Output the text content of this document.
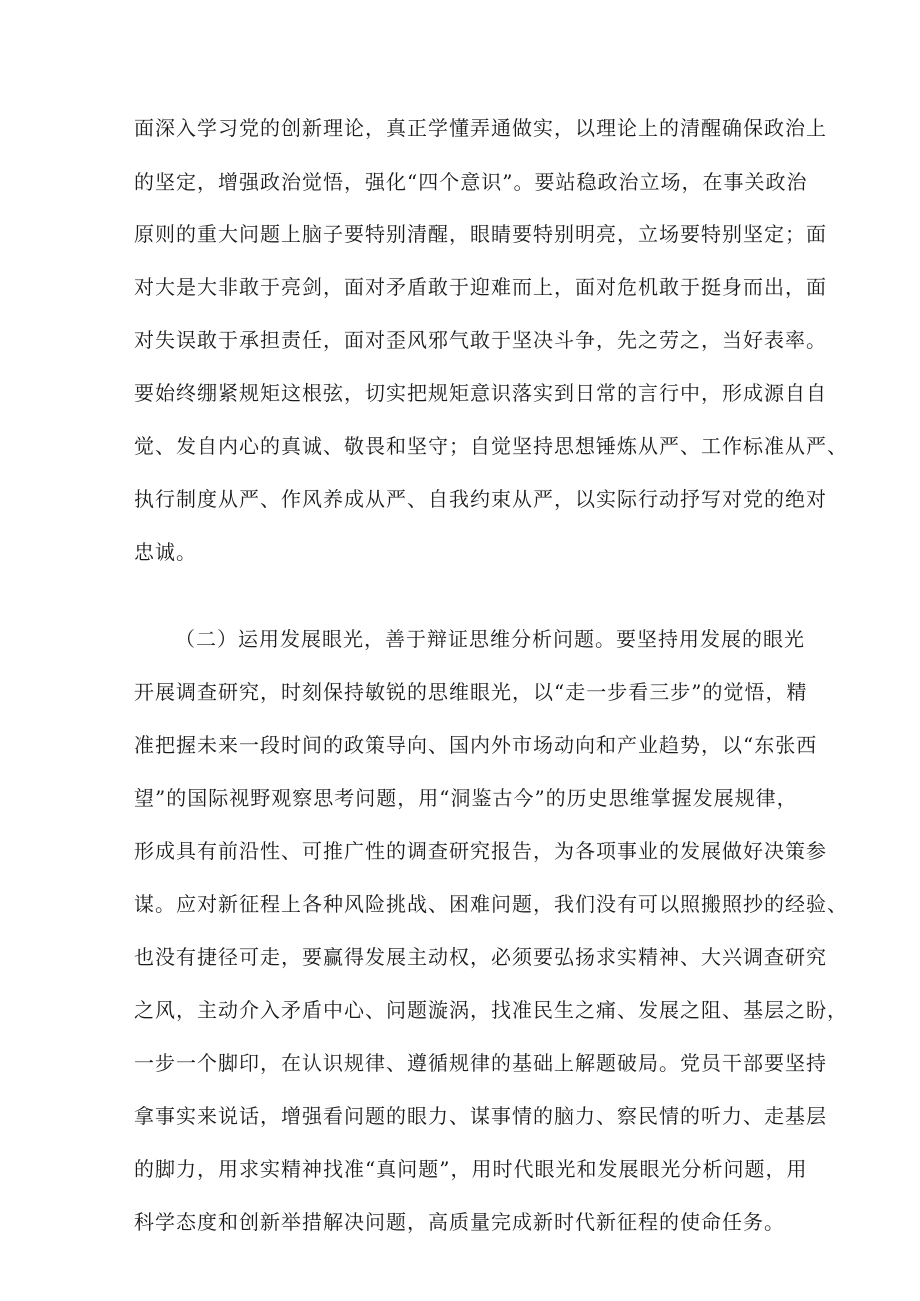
面深入学习党的创新理论，真正学懂弄通做实，以理论上的清醒确保政治上
的坚定，增强政治觉悟，强化“四个意识”。要站稳政治立场，在事关政治
原则的重大问题上脑子要特别清醒，眼睛要特别明亮，立场要特别坚定；面
对大是大非敢于亮剑，面对矛盾敢于迎难而上，面对危机敢于挺身而出，面
对失误敢于承担责任，面对歪风邪气敢于坚决斗争，先之劳之，当好表率。
要始终绷紧规矩这根弦，切实把规矩意识落实到日常的言行中，形成源自自
觉、发自内心的真诚、敬畏和坚守；自觉坚持思想锤炼从严、工作标准从严、
执行制度从严、作风养成从严、自我约束从严，以实际行动抒写对党的绝对
忠诚。
（二）运用发展眼光，善于辩证思维分析问题。要坚持用发展的眼光
开展调查研究，时刻保持敏锐的思维眼光，以“走一步看三步”的觉悟，精
准把握未来一段时间的政策导向、国内外市场动向和产业趋势，以“东张西
望”的国际视野观察思考问题，用“洞鉴古今”的历史思维掌握发展规律，
形成具有前沿性、可推广性的调查研究报告，为各项事业的发展做好决策参
谋。应对新征程上各种风险挑战、困难问题，我们没有可以照搬照抄的经验、
也没有捷径可走，要赢得发展主动权，必须要弘扬求实精神、大兴调查研究
之风，主动介入矛盾中心、问题漩涡，找准民生之痛、发展之阻、基层之盼，
一步一个脚印，在认识规律、遵循规律的基础上解题破局。党员干部要坚持
拿事实来说话，增强看问题的眼力、谋事情的脑力、察民情的听力、走基层
的脚力，用求实精神找准“真问题”，用时代眼光和发展眼光分析问题，用
科学态度和创新举措解决问题，高质量完成新时代新征程的使命任务。
